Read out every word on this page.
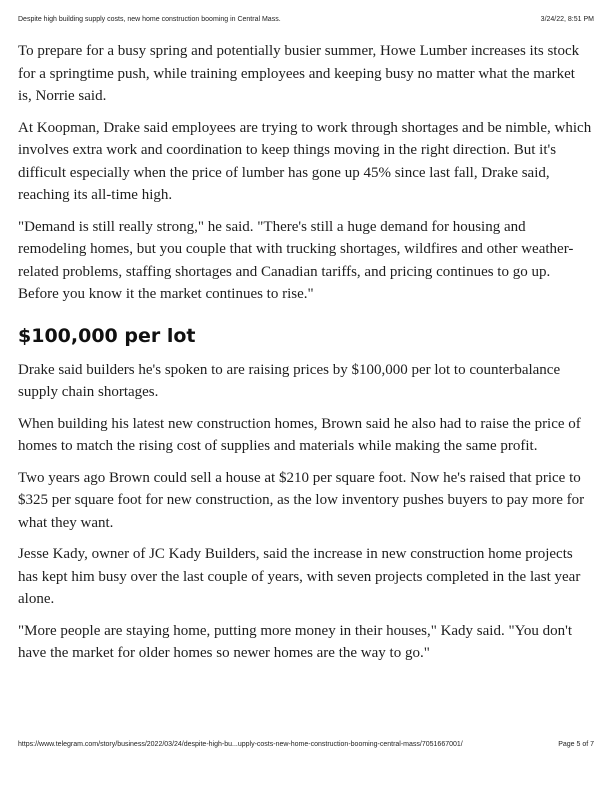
Despite high building supply costs, new home construction booming in Central Mass.	3/24/22, 8:51 PM

To prepare for a busy spring and potentially busier summer, Howe Lumber increases its stock for a springtime push, while training employees and keeping busy no matter what the market is, Norrie said.

At Koopman, Drake said employees are trying to work through shortages and be nimble, which involves extra work and coordination to keep things moving in the right direction. But it's difficult especially when the price of lumber has gone up 45% since last fall, Drake said, reaching its all-time high.

"Demand is still really strong," he said. "There's still a huge demand for housing and remodeling homes, but you couple that with trucking shortages, wildfires and other weather-related problems, staffing shortages and Canadian tariffs, and pricing continues to go up. Before you know it the market continues to rise."

$100,000 per lot

Drake said builders he's spoken to are raising prices by $100,000 per lot to counterbalance supply chain shortages.

When building his latest new construction homes, Brown said he also had to raise the price of homes to match the rising cost of supplies and materials while making the same profit.

Two years ago Brown could sell a house at $210 per square foot. Now he's raised that price to $325 per square foot for new construction, as the low inventory pushes buyers to pay more for what they want.

Jesse Kady, owner of JC Kady Builders, said the increase in new construction home projects has kept him busy over the last couple of years, with seven projects completed in the last year alone.

"More people are staying home, putting more money in their houses," Kady said. "You don't have the market for older homes so newer homes are the way to go."

https://www.telegram.com/story/business/2022/03/24/despite-high-bu...upply-costs-new-home-construction-booming-central-mass/7051667001/	Page 5 of 7
